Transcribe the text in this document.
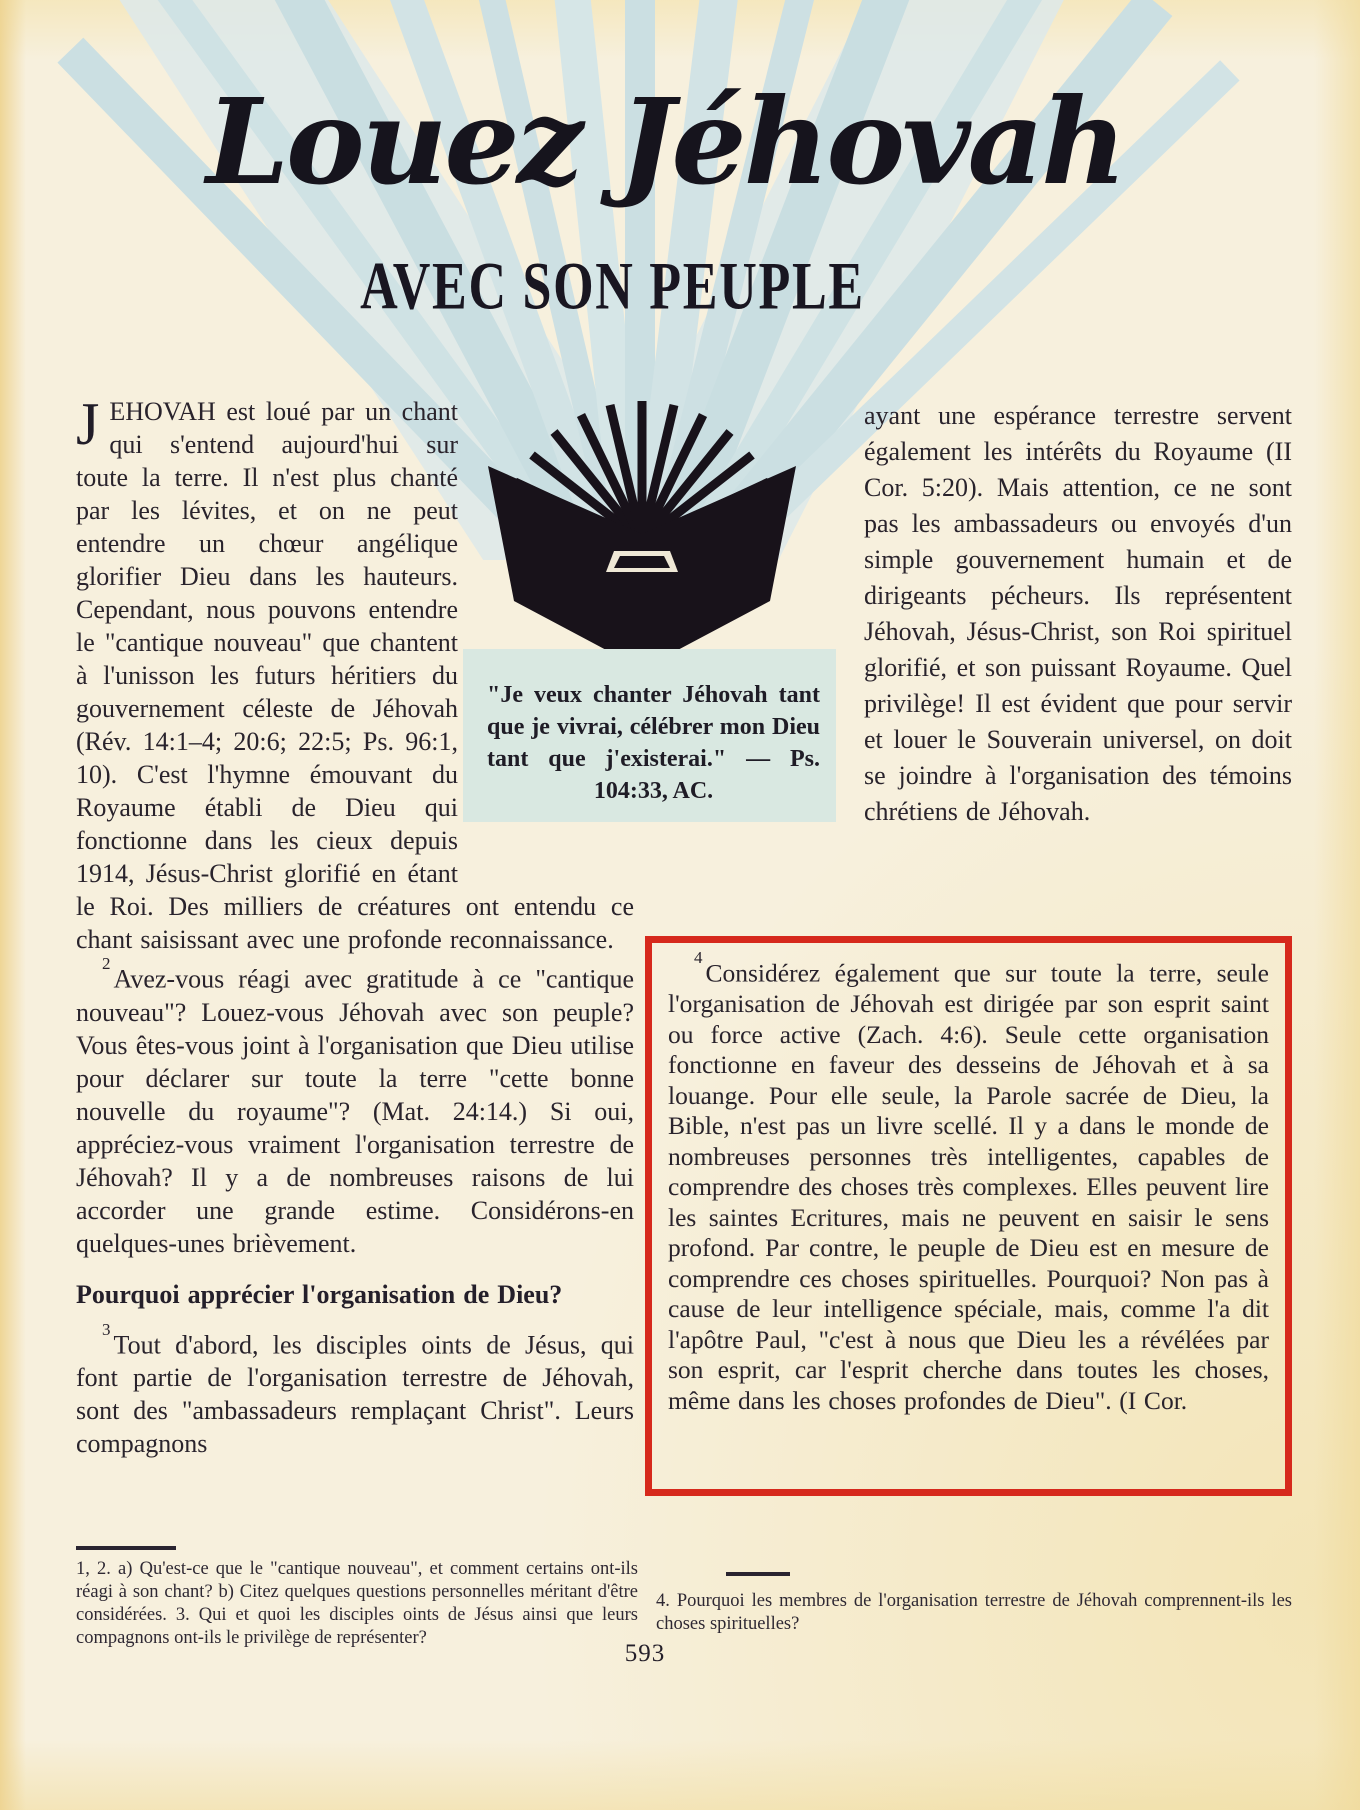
Louez Jéhovah
AVEC SON PEUPLE

"Je veux chanter Jéhovah tant que je vivrai, célébrer mon Dieu tant que j'existerai." — Ps. 104:33, AC.

JEHOVAH est loué par un chant qui s'entend aujourd'hui sur toute la terre. Il n'est plus chanté par les lévites, et on ne peut entendre un chœur angélique glorifier Dieu dans les hauteurs. Cependant, nous pouvons entendre le "cantique nouveau" que chantent à l'unisson les futurs héritiers du gouvernement céleste de Jéhovah (Rév. 14:1–4; 20:6; 22:5; Ps. 96:1, 10). C'est l'hymne émouvant du Royaume établi de Dieu qui fonctionne dans les cieux depuis 1914, Jésus-Christ glorifié en étant le Roi. Des milliers de créatures ont entendu ce chant saisissant avec une profonde reconnaissance.

$^2$Avez-vous réagi avec gratitude à ce "cantique nouveau"? Louez-vous Jéhovah avec son peuple? Vous êtes-vous joint à l'organisation que Dieu utilise pour déclarer sur toute la terre "cette bonne nouvelle du royaume"? (Mat. 24:14.) Si oui, appréciez-vous vraiment l'organisation terrestre de Jéhovah? Il y a de nombreuses raisons de lui accorder une grande estime. Considérons-en quelques-unes brièvement.

Pourquoi apprécier l'organisation de Dieu?

$^3$Tout d'abord, les disciples oints de Jésus, qui font partie de l'organisation terrestre de Jéhovah, sont des "ambassadeurs remplaçant Christ". Leurs compagnons

ayant une espérance terrestre servent également les intérêts du Royaume (II Cor. 5:20). Mais attention, ce ne sont pas les ambassadeurs ou envoyés d'un simple gouvernement humain et de dirigeants pécheurs. Ils représentent Jéhovah, Jésus-Christ, son Roi spirituel glorifié, et son puissant Royaume. Quel privilège! Il est évident que pour servir et louer le Souverain universel, on doit se joindre à l'organisation des témoins chrétiens de Jéhovah.

$^4$Considérez également que sur toute la terre, seule l'organisation de Jéhovah est dirigée par son esprit saint ou force active (Zach. 4:6). Seule cette organisation fonctionne en faveur des desseins de Jéhovah et à sa louange. Pour elle seule, la Parole sacrée de Dieu, la Bible, n'est pas un livre scellé. Il y a dans le monde de nombreuses personnes très intelligentes, capables de comprendre des choses très complexes. Elles peuvent lire les saintes Ecritures, mais ne peuvent en saisir le sens profond. Par contre, le peuple de Dieu est en mesure de comprendre ces choses spirituelles. Pourquoi? Non pas à cause de leur intelligence spéciale, mais, comme l'a dit l'apôtre Paul, "c'est à nous que Dieu les a révélées par son esprit, car l'esprit cherche dans toutes les choses, même dans les choses profondes de Dieu". (I Cor.

1, 2. a) Qu'est-ce que le "cantique nouveau", et comment certains ont-ils réagi à son chant? b) Citez quelques questions personnelles méritant d'être considérées. 3. Qui et quoi les disciples oints de Jésus ainsi que leurs compagnons ont-ils le privilège de représenter?

4. Pourquoi les membres de l'organisation terrestre de Jéhovah comprennent-ils les choses spirituelles?

593
